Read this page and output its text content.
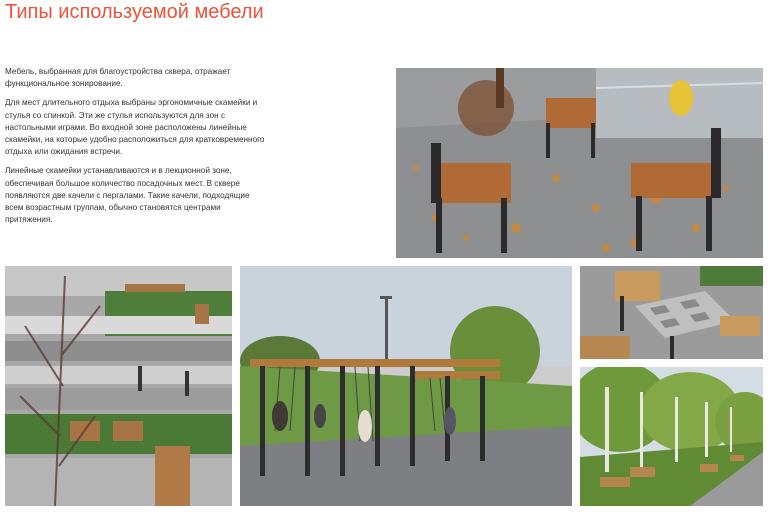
Типы используемой мебели

Мебель, выбранная для благоустройства сквера, отражает функциональное зонирование.

Для мест длительного отдыха выбраны эргономичные скамейки и стулья со спинкой. Эти же стулья используются для зон с настольными играми. Во входной зоне расположены линейные скамейки, на которые удобно расположиться для кратковременного отдыха или ожидания встречи.

Линейные скамейки устанавливаются и в лекционной зоне, обеспечивая большое количество посадочных мест. В сквере появляются две качели с пергалами. Такие качели, подходящие всем возрастным группам, обычно становятся центрами притяжения.
